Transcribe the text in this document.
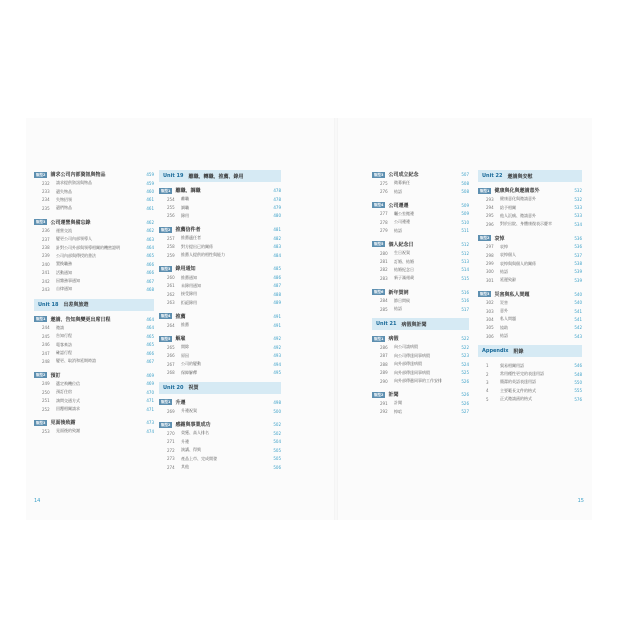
類型2	請求公司內部資訊與物品	459
232	請求提供資訊與物品	459
233	遺失物品	460
234	失物招領	461
235	遺們物品	461
類型3	公司運營與備忘錄	462
236	運營交流	462
237	變更公司內部領導人	463
238	針對公司外部與領導相關的機密證明	464
239	公司內部與傳授的書法	465
240	置換職務	466
241	活動通知	466
242	因雜務事通知	467
243	自律通知	468
Unit 18 出差與旅遊
類型1	邀請、告知與變更出席日程	464
244	邀請	464
245	告知行程	465
246	電客來訪	465
247	確認行程	466
248	變更、取消和延期時諮	467
類型2	預訂	469
249	選定飛機位信	469
250	預訂住宿	470
251	詢問交通方式	471
252	回覆相關請求	471
類型3	見面後致謝	473
253	見面後的致謝	474
Unit 19 離職、轉職、推薦、錄用
類型1	離職、調職	478
254	離職	478
255	調職	479
256	錄用	480
類型2	推薦信件者	481
257	推薦適任者	482
258	對方提出已的關係	483
259	推薦人提供的相性與能力	484
類型3	錄用通知	485
260	推薦通知	486
261	未錄用通知	487
262	接受錄用	488
263	拒絕錄用	489
類型4	推薦	491
264	推薦	491
類型5	解雇	492
265	開除	492
266	原因	493
267	公司的變動	494
268	保障解釋	495
Unit 20 祝賀
類型1	升遷	498
269	升遷祝賀	500
類型2	感謝與事業成功	502
270	榮獲、高人排名	502
271	升遷	504
272	演講、得獎	505
273	產品上市、完成開發	505
274	其他	506
類型3	公司成立紀念	507
275	徵募新任	508
276	結語	508
類型4	公司遷遷	509
277	矚公室搬遷	509
278	公司遷遷	510
279	結語	511
類型5	個人紀念日	512
280	生日祝賀	512
281	訂婚、結婚	513
282	結婚紀念日	514
283	新子滿週歲	515
類型6	新年賀詞	516
284	節日問候	516
285	結語	517
Unit 21 病假與計聞
類型1	病假	522
286	向公司請病假	522
287	向公司傳達同事病假	523
288	向外部傳達病假	524
289	向外部傳達同事病假	525
290	向外部傳遞同事的工作安排	526
類型2	計聞	526
291	計聞	526
292	悼唁	527
Unit 22 邀請與安慰
類型1	健康與化與邀請意外	532
293	健康意化與邀請意外	532
294	給予相關	533
295	他人沉痛、邀請意外	533
296	對於出院、身體康復表示慶幸	534
類型2	哀悼	536
297	哀悼	536
298	哀悼個人	537
299	哀悼與與個人的關係	538
300	結語	539
301	延遲致辭	539
類型3	災害與私人問題	540
302	災害	540
303	意外	541
304	私人問題	541
305	協助	542
306	結語	543
Appendix 附錄
1	貿易相關用語	546
2	常用種性更完的表達用語	548
3	簡潔的英語表達用語	550
4	主要範長文件的格式	555
5	正式邀請函的格式	576
14	15
